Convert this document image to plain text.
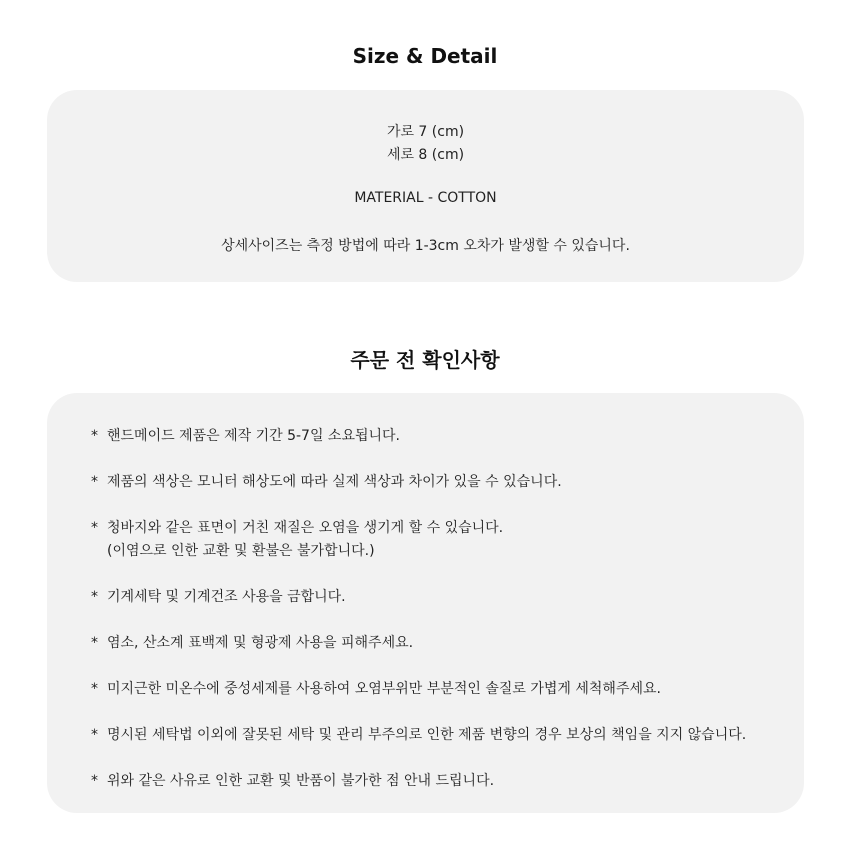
Size & Detail
가로 7 (cm)
세로 8 (cm)
MATERIAL - COTTON
상세사이즈는 측정 방법에 따라 1-3cm 오차가 발생할 수 있습니다.
주문 전 확인사항
* 핸드메이드 제품은 제작 기간 5-7일 소요됩니다.
* 제품의 색상은 모니터 해상도에 따라 실제 색상과 차이가 있을 수 있습니다.
* 청바지와 같은 표면이 거친 재질은 오염을 생기게 할 수 있습니다.
(이염으로 인한 교환 및 환불은 불가합니다.)
* 기계세탁 및 기계건조 사용을 금합니다.
* 염소, 산소계 표백제 및 형광제 사용을 피해주세요.
* 미지근한 미온수에 중성세제를 사용하여 오염부위만 부분적인 솔질로 가볍게 세척해주세요.
* 명시된 세탁법 이외에 잘못된 세탁 및 관리 부주의로 인한 제품 변향의 경우 보상의 책임을 지지 않습니다.
* 위와 같은 사유로 인한 교환 및 반품이 불가한 점 안내 드립니다.
